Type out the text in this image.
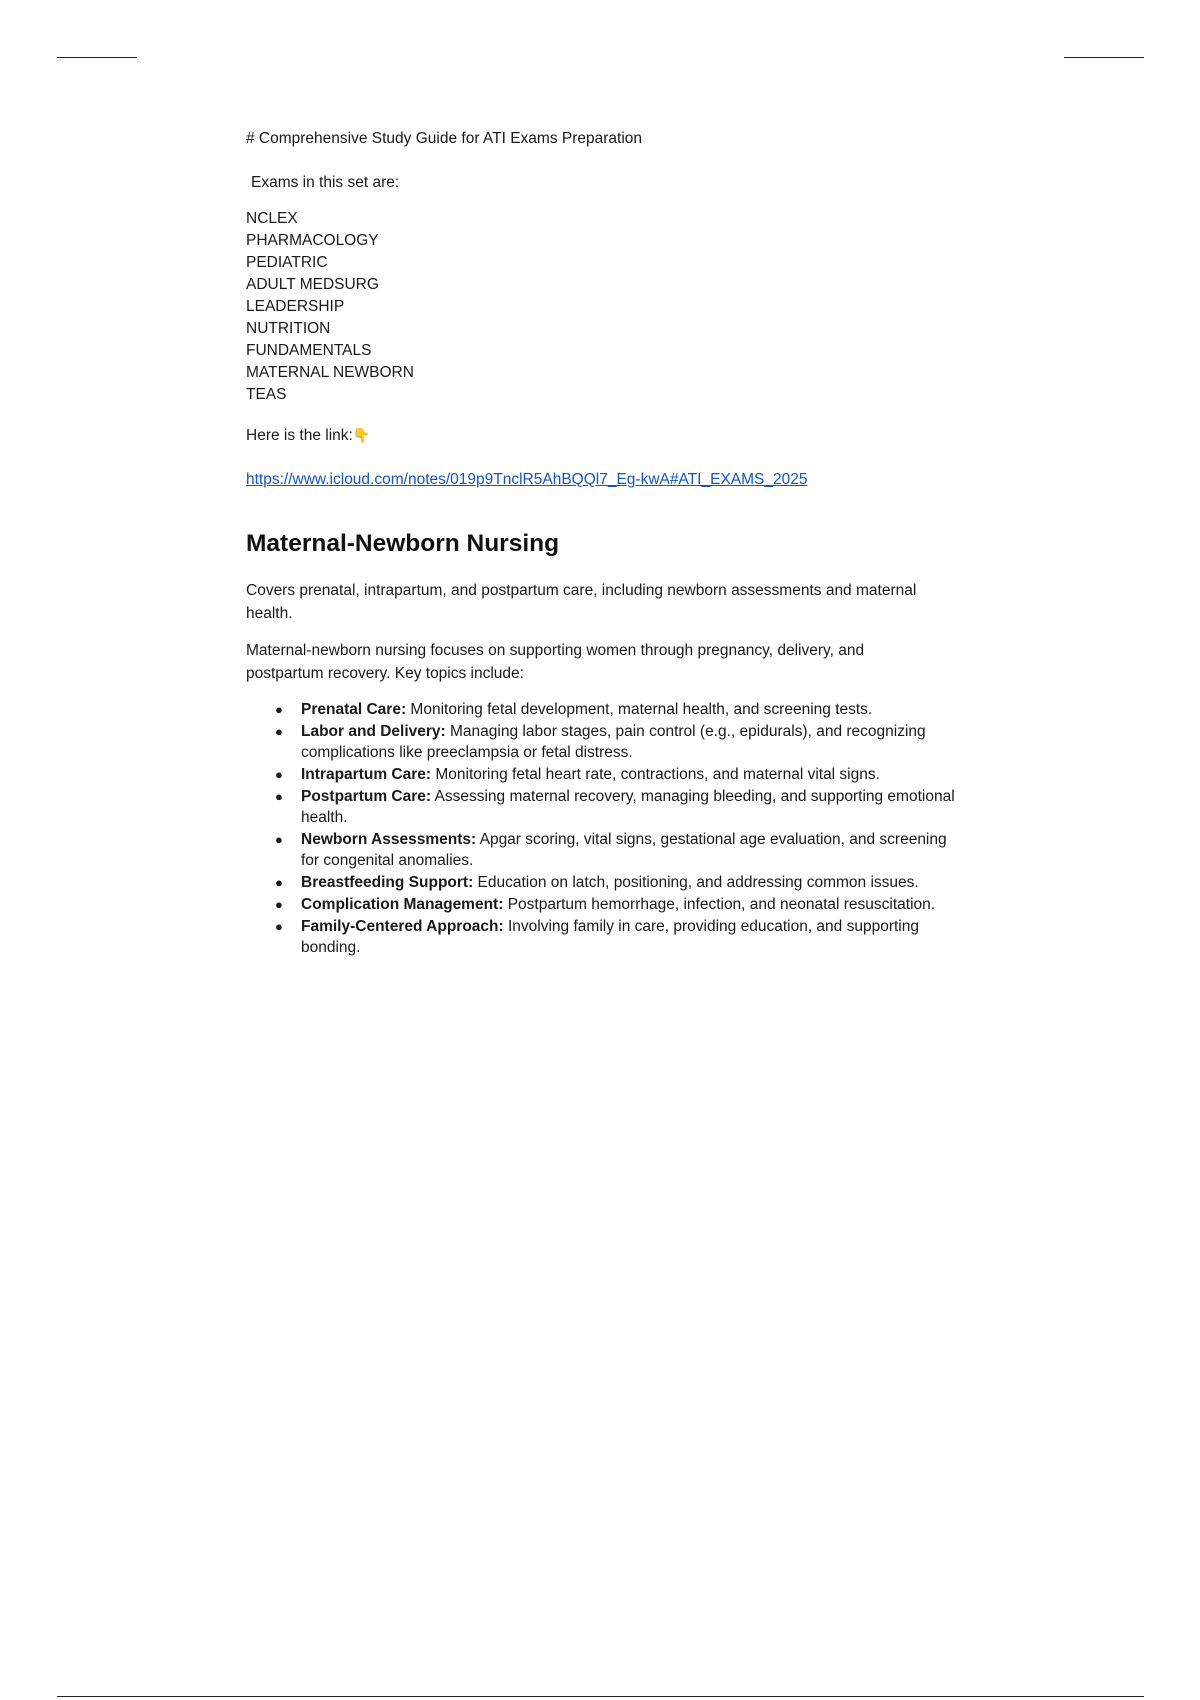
# Comprehensive Study Guide for ATI Exams Preparation

Exams in this set are:

NCLEX
PHARMACOLOGY
PEDIATRIC
ADULT MEDSURG
LEADERSHIP
NUTRITION
FUNDAMENTALS
MATERNAL NEWBORN
TEAS

Here is the link:👇

https://www.icloud.com/notes/019p9TnclR5AhBQQl7_Eg-kwA#ATI_EXAMS_2025
Maternal-Newborn Nursing

Covers prenatal, intrapartum, and postpartum care, including newborn assessments and maternal health.

Maternal-newborn nursing focuses on supporting women through pregnancy, delivery, and postpartum recovery. Key topics include:

● Prenatal Care: Monitoring fetal development, maternal health, and screening tests.
● Labor and Delivery: Managing labor stages, pain control (e.g., epidurals), and recognizing complications like preeclampsia or fetal distress.
● Intrapartum Care: Monitoring fetal heart rate, contractions, and maternal vital signs.
● Postpartum Care: Assessing maternal recovery, managing bleeding, and supporting emotional health.
● Newborn Assessments: Apgar scoring, vital signs, gestational age evaluation, and screening for congenital anomalies.
● Breastfeeding Support: Education on latch, positioning, and addressing common issues.
● Complication Management: Postpartum hemorrhage, infection, and neonatal resuscitation.
● Family-Centered Approach: Involving family in care, providing education, and supporting bonding.
